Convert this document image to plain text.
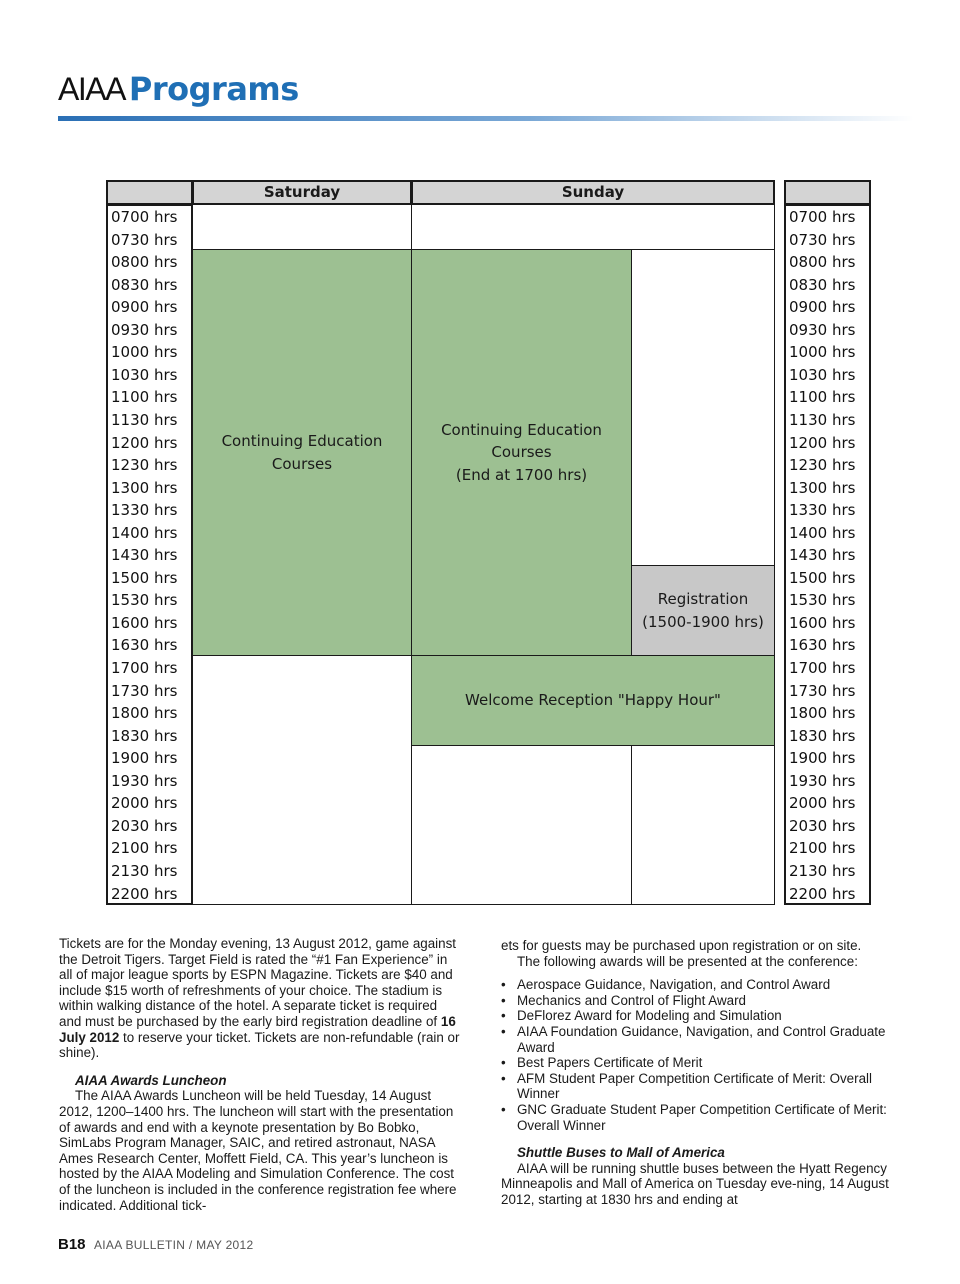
AIAA Programs
Saturday	Sunday
0700 hrs
0730 hrs
0800 hrs
0830 hrs
0900 hrs
0930 hrs
1000 hrs
1030 hrs
1100 hrs
1130 hrs
1200 hrs
1230 hrs
1300 hrs
1330 hrs
1400 hrs
1430 hrs
1500 hrs
1530 hrs
1600 hrs
1630 hrs
1700 hrs
1730 hrs
1800 hrs
1830 hrs
1900 hrs
1930 hrs
2000 hrs
2030 hrs
2100 hrs
2130 hrs
2200 hrs
Continuing Education
Courses
Continuing Education
Courses
(End at 1700 hrs)
Registration
(1500-1900 hrs)
Welcome Reception "Happy Hour"
0700 hrs
0730 hrs
0800 hrs
0830 hrs
0900 hrs
0930 hrs
1000 hrs
1030 hrs
1100 hrs
1130 hrs
1200 hrs
1230 hrs
1300 hrs
1330 hrs
1400 hrs
1430 hrs
1500 hrs
1530 hrs
1600 hrs
1630 hrs
1700 hrs
1730 hrs
1800 hrs
1830 hrs
1900 hrs
1930 hrs
2000 hrs
2030 hrs
2100 hrs
2130 hrs
2200 hrs

Tickets are for the Monday evening, 13 August 2012, game against the Detroit Tigers. Target Field is rated the “#1 Fan Experience” in all of major league sports by ESPN Magazine. Tickets are $40 and include $15 worth of refreshments of your choice. The stadium is within walking distance of the hotel. A separate ticket is required and must be purchased by the early bird registration deadline of 16 July 2012 to reserve your ticket. Tickets are non-refundable (rain or shine).

AIAA Awards Luncheon

The AIAA Awards Luncheon will be held Tuesday, 14 August 2012, 1200–1400 hrs. The luncheon will start with the presentation of awards and end with a keynote presentation by Bo Bobko, SimLabs Program Manager, SAIC, and retired astronaut, NASA Ames Research Center, Moffett Field, CA. This year’s luncheon is hosted by the AIAA Modeling and Simulation Conference. The cost of the luncheon is included in the conference registration fee where indicated. Additional tick-

ets for guests may be purchased upon registration or on site.

The following awards will be presented at the conference:

• Aerospace Guidance, Navigation, and Control Award
• Mechanics and Control of Flight Award
• DeFlorez Award for Modeling and Simulation
• AIAA Foundation Guidance, Navigation, and Control Graduate Award
• Best Papers Certificate of Merit
• AFM Student Paper Competition Certificate of Merit: Overall Winner
• GNC Graduate Student Paper Competition Certificate of Merit: Overall Winner

Shuttle Buses to Mall of America

AIAA will be running shuttle buses between the Hyatt Regency Minneapolis and Mall of America on Tuesday eve-ning, 14 August 2012, starting at 1830 hrs and ending at

B18 AIAA BULLETIN / MAY 2012
